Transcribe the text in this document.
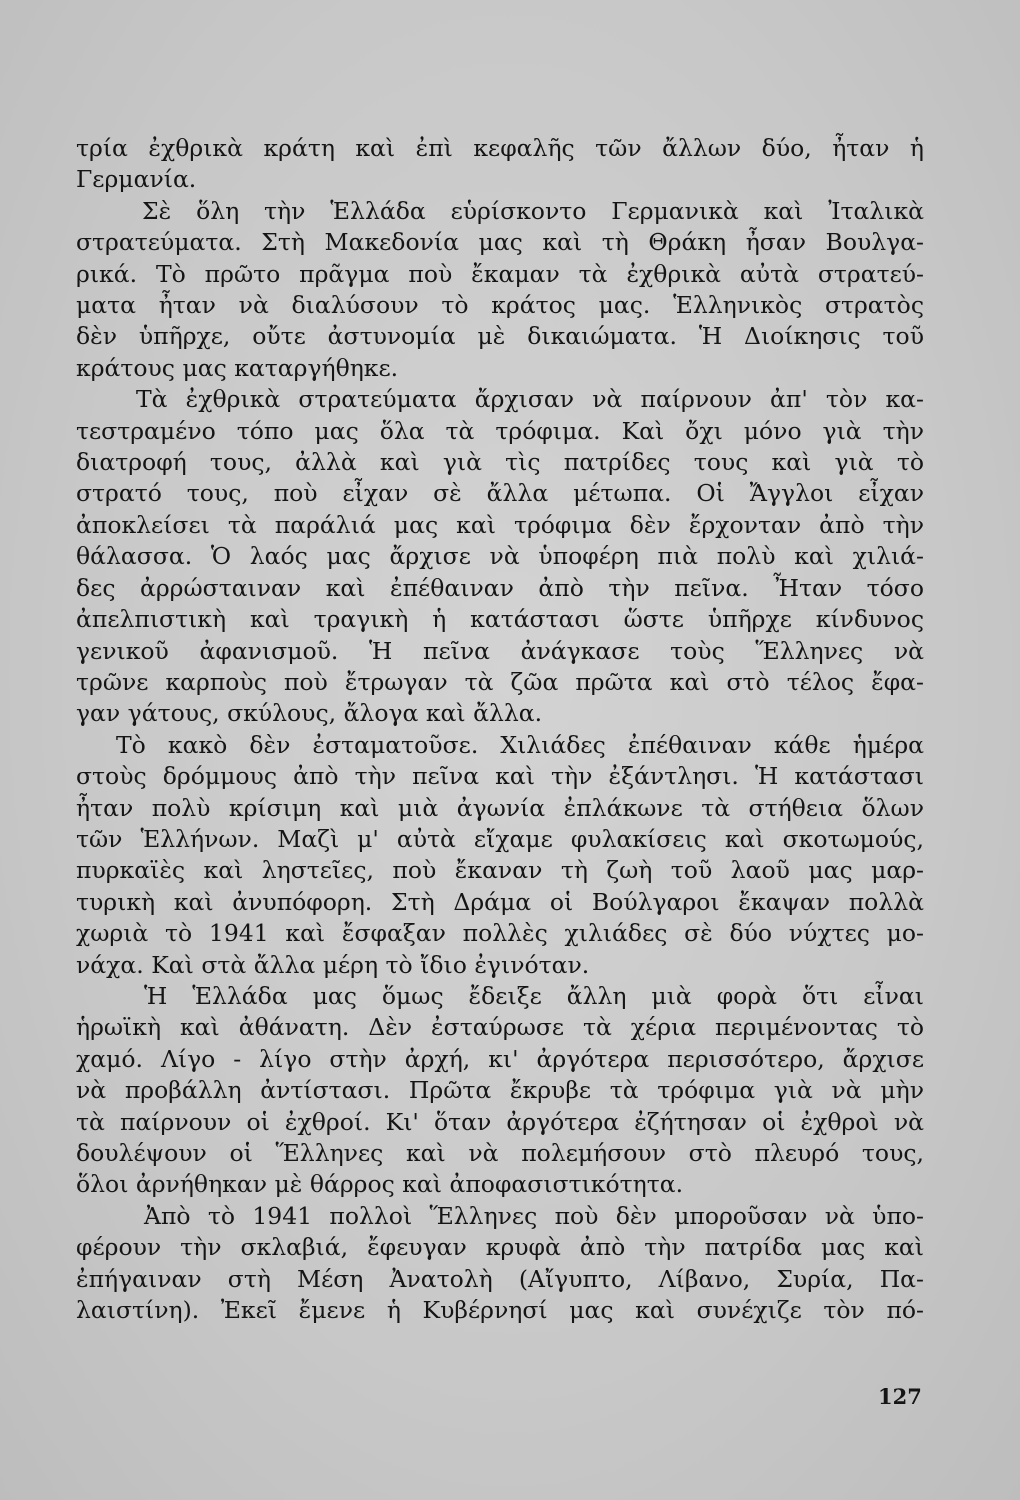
τρία ἐχθρικὰ κράτη καὶ ἐπὶ κεφαλῆς τῶν ἄλλων δύο, ἦταν ἡ
Γερμανία.
Σὲ ὅλη τὴν Ἑλλάδα εὑρίσκοντο Γερμανικὰ καὶ Ἰταλικὰ
στρατεύματα. Στὴ Μακεδονία μας καὶ τὴ Θράκη ἦσαν Βουλγα-
ρικά. Τὸ πρῶτο πρᾶγμα ποὺ ἔκαμαν τὰ ἐχθρικὰ αὐτὰ στρατεύ-
ματα ἦταν νὰ διαλύσουν τὸ κράτος μας. Ἑλληνικὸς στρατὸς
δὲν ὑπῆρχε, οὔτε ἀστυνομία μὲ δικαιώματα. Ἡ Διοίκησις τοῦ
κράτους μας καταργήθηκε.
Τὰ ἐχθρικὰ στρατεύματα ἄρχισαν νὰ παίρνουν ἀπ' τὸν κα-
τεστραμένο τόπο μας ὅλα τὰ τρόφιμα. Καὶ ὄχι μόνο γιὰ τὴν
διατροφή τους, ἀλλὰ καὶ γιὰ τὶς πατρίδες τους καὶ γιὰ τὸ
στρατό τους, ποὺ εἶχαν σὲ ἄλλα μέτωπα. Οἱ Ἄγγλοι εἶχαν
ἀποκλείσει τὰ παράλιά μας καὶ τρόφιμα δὲν ἔρχονταν ἀπὸ τὴν
θάλασσα. Ὁ λαός μας ἄρχισε νὰ ὑποφέρη πιὰ πολὺ καὶ χιλιά-
δες ἀρρώσταιναν καὶ ἐπέθαιναν ἀπὸ τὴν πεῖνα. Ἦταν τόσο
ἀπελπιστικὴ καὶ τραγικὴ ἡ κατάστασι ὥστε ὑπῆρχε κίνδυνος
γενικοῦ ἀφανισμοῦ. Ἡ πεῖνα ἀνάγκασε τοὺς Ἕλληνες νὰ
τρῶνε καρποὺς ποὺ ἔτρωγαν τὰ ζῶα πρῶτα καὶ στὸ τέλος ἔφα-
γαν γάτους, σκύλους, ἄλογα καὶ ἄλλα.
Τὸ κακὸ δὲν ἐσταματοῦσε. Χιλιάδες ἐπέθαιναν κάθε ἡμέρα
στοὺς δρόμμους ἀπὸ τὴν πεῖνα καὶ τὴν ἐξάντλησι. Ἡ κατάστασι
ἦταν πολὺ κρίσιμη καὶ μιὰ ἀγωνία ἐπλάκωνε τὰ στήθεια ὅλων
τῶν Ἑλλήνων. Μαζὶ μ' αὐτὰ εἴχαμε φυλακίσεις καὶ σκοτωμούς,
πυρκαϊὲς καὶ ληστεῖες, ποὺ ἔκαναν τὴ ζωὴ τοῦ λαοῦ μας μαρ-
τυρικὴ καὶ ἀνυπόφορη. Στὴ Δράμα οἱ Βούλγαροι ἔκαψαν πολλὰ
χωριὰ τὸ 1941 καὶ ἔσφαξαν πολλὲς χιλιάδες σὲ δύο νύχτες μο-
νάχα. Καὶ στὰ ἄλλα μέρη τὸ ἴδιο ἐγινόταν.
Ἡ Ἑλλάδα μας ὅμως ἔδειξε ἄλλη μιὰ φορὰ ὅτι εἶναι
ἡρωϊκὴ καὶ ἀθάνατη. Δὲν ἐσταύρωσε τὰ χέρια περιμένοντας τὸ
χαμό. Λίγο - λίγο στὴν ἀρχή, κι' ἀργότερα περισσότερο, ἄρχισε
νὰ προβάλλη ἀντίστασι. Πρῶτα ἔκρυβε τὰ τρόφιμα γιὰ νὰ μὴν
τὰ παίρνουν οἱ ἐχθροί. Κι' ὅταν ἀργότερα ἐζήτησαν οἱ ἐχθροὶ νὰ
δουλέψουν οἱ Ἕλληνες καὶ νὰ πολεμήσουν στὸ πλευρό τους,
ὅλοι ἀρνήθηκαν μὲ θάρρος καὶ ἀποφασιστικότητα.
Ἀπὸ τὸ 1941 πολλοὶ Ἕλληνες ποὺ δὲν μποροῦσαν νὰ ὑπο-
φέρουν τὴν σκλαβιά, ἔφευγαν κρυφὰ ἀπὸ τὴν πατρίδα μας καὶ
ἐπήγαιναν στὴ Μέση Ἀνατολὴ (Αἴγυπτο, Λίβανο, Συρία, Πα-
λαιστίνη). Ἐκεῖ ἔμενε ἡ Κυβέρνησί μας καὶ συνέχιζε τὸν πό-
127
